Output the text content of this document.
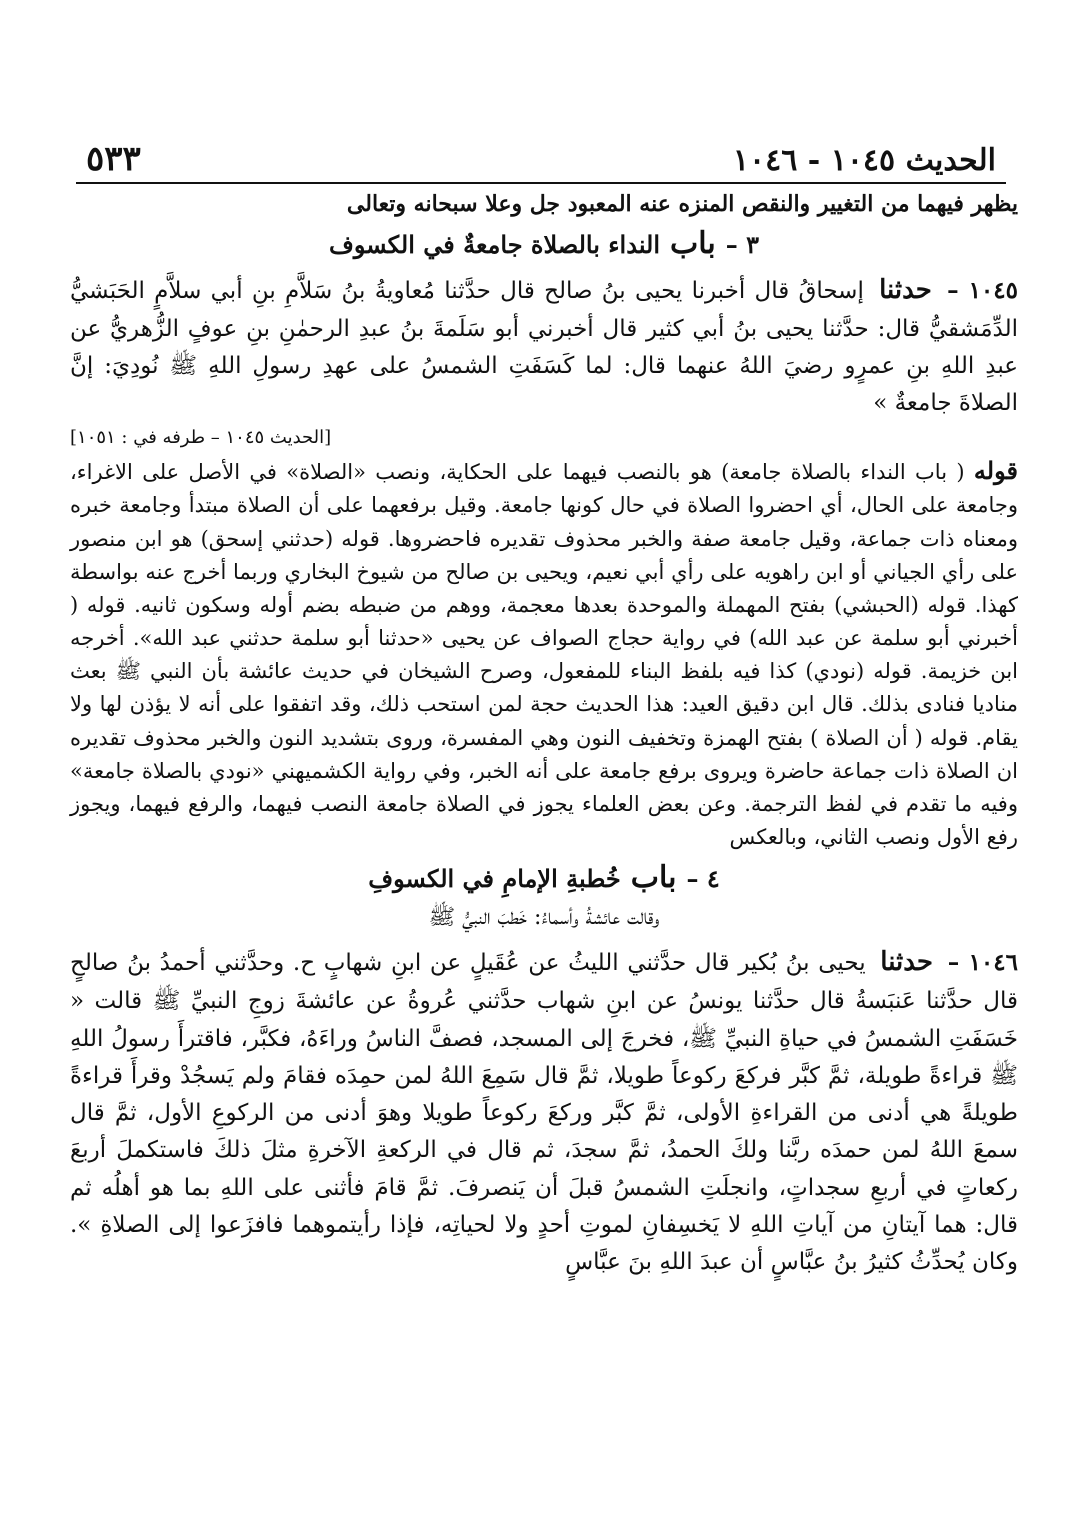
الحديث ١٠٤٥ - ١٠٤٦
٥٣٣

يظهر فيهما من التغيير والنقص المنزه عنه المعبود جل وعلا سبحانه وتعالى

٣ –
باب
النداء بالصلاة جامعةٌ في الكسوف

١٠٤٥ – حدثنا إسحاقُ قال أخبرنا يحيى بنُ صالح قال حدَّثنا مُعاويةُ بنُ سَلاَّمِ بنِ أبي سلاَّمٍ الحَبَشيُّ الدِّمَشقيُّ قال: حدَّثنا يحيى بنُ أبي كثير قال أخبرني أبو سَلَمةَ بنُ عبدِ الرحمٰنِ بنِ عوفٍ الزُّهريُّ عن عبدِ اللهِ بنِ عمرٍو رضيَ اللهُ عنهما قال: لما كَسَفَتِ الشمسُ على عهدِ رسولِ اللهِ ﷺ نُودِيَ: إنَّ الصلاةَ جامعةٌ »

[الحديث ١٠٤٥ – طرفه في : ١٠٥١]

قوله ( باب النداء بالصلاة جامعة) هو بالنصب فيهما على الحكاية، ونصب «الصلاة» في الأصل على الاغراء، وجامعة على الحال، أي احضروا الصلاة في حال كونها جامعة. وقيل برفعهما على أن الصلاة مبتدأ وجامعة خبره ومعناه ذات جماعة، وقيل جامعة صفة والخبر محذوف تقديره فاحضروها. قوله (حدثني إسحق) هو ابن منصور على رأي الجياني أو ابن راهويه على رأي أبي نعيم، ويحيى بن صالح من شيوخ البخاري وربما أخرج عنه بواسطة كهذا. قوله (الحبشي) بفتح المهملة والموحدة بعدها معجمة، ووهم من ضبطه بضم أوله وسكون ثانيه. قوله ( أخبرني أبو سلمة عن عبد الله) في رواية حجاج الصواف عن يحيى «حدثنا أبو سلمة حدثني عبد الله». أخرجه ابن خزيمة. قوله (نودي) كذا فيه بلفظ البناء للمفعول، وصرح الشيخان في حديث عائشة بأن النبي ﷺ بعث مناديا فنادى بذلك. قال ابن دقيق العيد: هذا الحديث حجة لمن استحب ذلك، وقد اتفقوا على أنه لا يؤذن لها ولا يقام. قوله ( أن الصلاة ) بفتح الهمزة وتخفيف النون وهي المفسرة، وروى بتشديد النون والخبر محذوف تقديره ان الصلاة ذات جماعة حاضرة ويروى برفع جامعة على أنه الخبر، وفي رواية الكشميهني «نودي بالصلاة جامعة» وفيه ما تقدم في لفظ الترجمة. وعن بعض العلماء يجوز في الصلاة جامعة النصب فيهما، والرفع فيهما، ويجوز رفع الأول ونصب الثاني، وبالعكس

٤ –
باب
خُطبةِ الإمامِ في الكسوفِ
وقالت عائشةُ وأسماءُ: خَطبَ النبيُّ ﷺ

١٠٤٦ – حدثنا يحيى بنُ بُكير قال حدَّثني الليثُ عن عُقَيلٍ عن ابنِ شهابٍ ح. وحدَّثني أحمدُ بنُ صالحٍ قال حدَّثنا عَنبَسةُ قال حدَّثنا يونسُ عن ابنِ شهاب حدَّثني عُروةُ عن عائشةَ زوجِ النبيِّ ﷺ قالت « خَسَفَتِ الشمسُ في حياةِ النبيِّ ﷺ، فخرجَ إلى المسجد، فصفَّ الناسُ وراءَهُ، فكبَّر، فاقترأَ رسولُ اللهِ ﷺ قراءةً طويلة، ثمَّ كبَّر فركعَ ركوعاً طويلا، ثمَّ قال سَمِعَ اللهُ لمن حمِدَه فقامَ ولم يَسجُدْ وقرأَ قراءةً طويلةً هي أدنى من القراءةِ الأولى، ثمَّ كبَّر وركعَ ركوعاً طويلا وهوَ أدنى من الركوعِ الأول، ثمَّ قال سمعَ اللهُ لمن حمدَه ربَّنا ولكَ الحمدُ، ثمَّ سجدَ، ثم قال في الركعةِ الآخرةِ مثلَ ذلكَ فاستكملَ أربعَ ركعاتٍ في أربعِ سجداتٍ، وانجلَتِ الشمسُ قبلَ أن يَنصرفَ. ثمَّ قامَ فأثنى على اللهِ بما هو أهلُه ثم قال: هما آيتانِ من آياتِ اللهِ لا يَخسِفانِ لموتِ أحدٍ ولا لحياتِه، فإذا رأيتموهما فافزَعوا إلى الصلاةِ ». وكان يُحدِّثُ كثيرُ بنُ عبَّاسٍ أن عبدَ اللهِ بنَ عبَّاسٍ
